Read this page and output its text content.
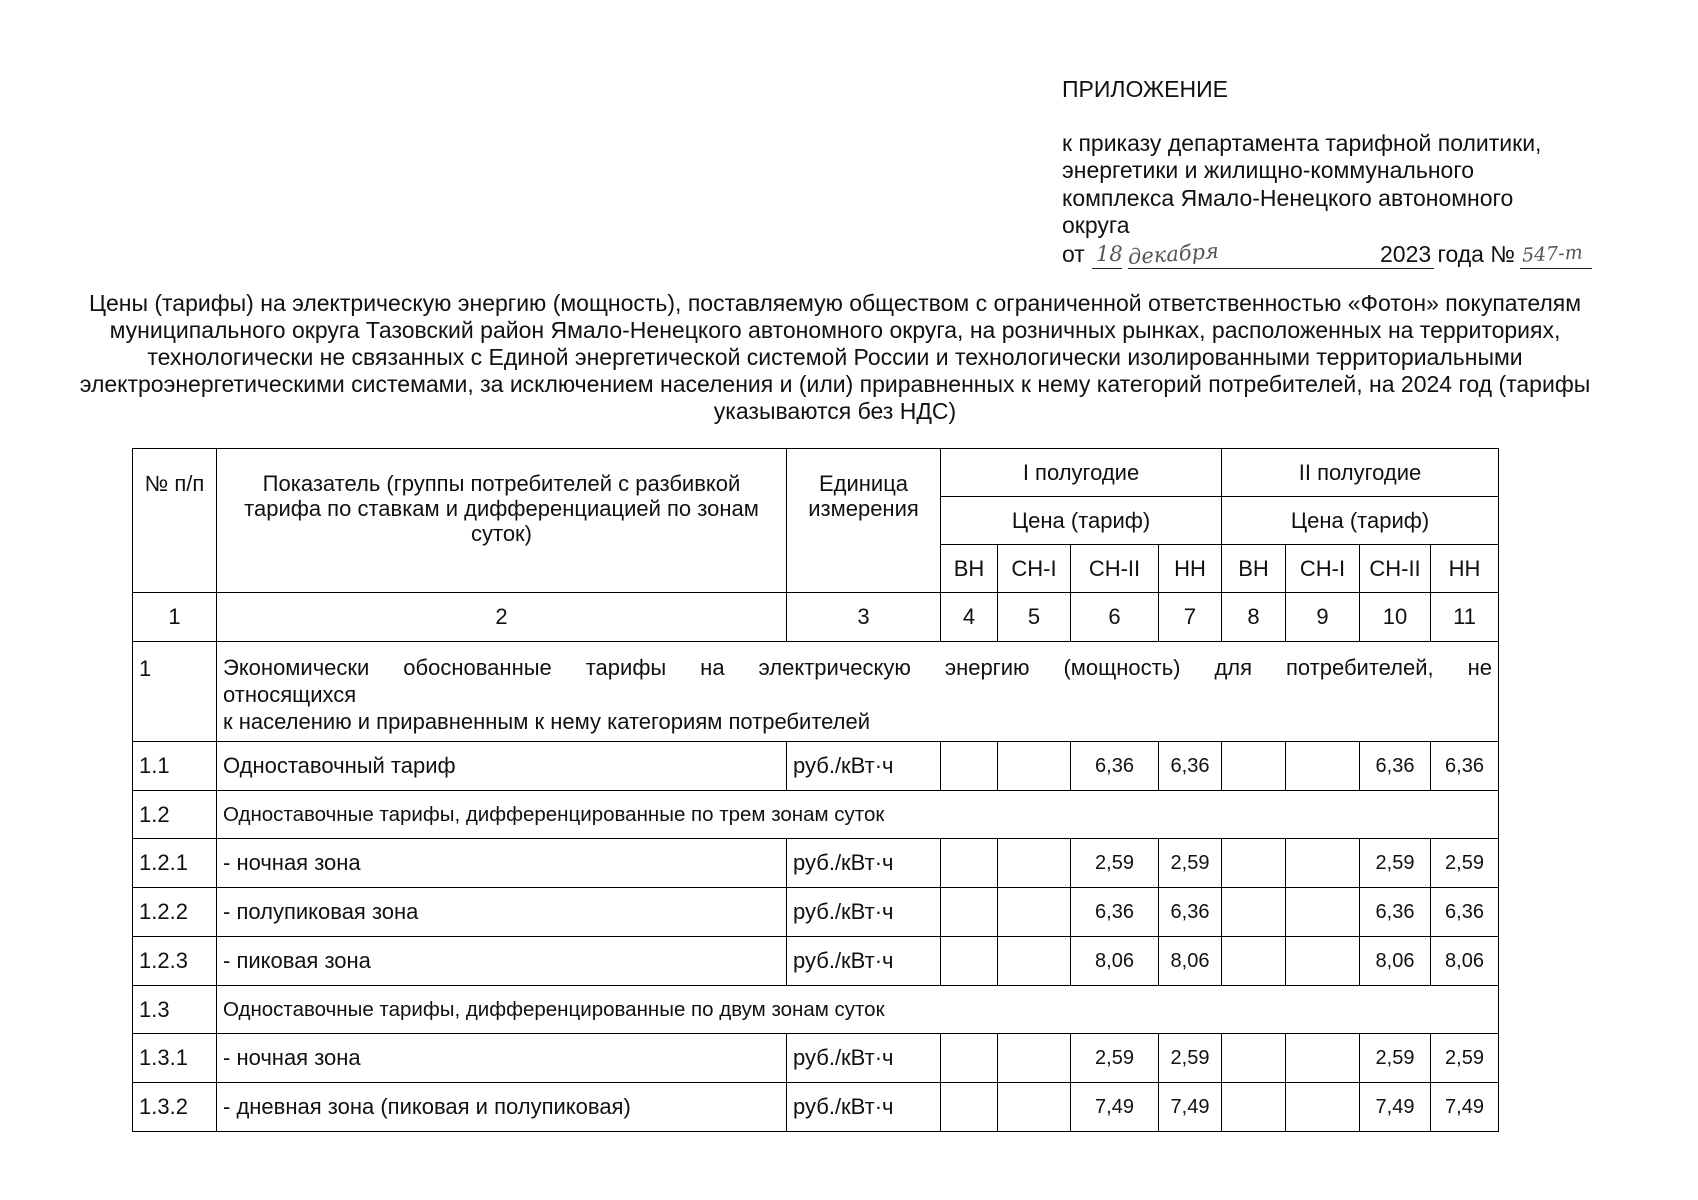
ПРИЛОЖЕНИЕ
к приказу департамента тарифной политики,
энергетики и жилищно-коммунального
комплекса Ямало-Ненецкого автономного
округа
от 18 декабря	2023 года № 547-т
Цены (тарифы) на электрическую энергию (мощность), поставляемую обществом с ограниченной ответственностью «Фотон» покупателям муниципального округа Тазовский район Ямало-Ненецкого автономного округа, на розничных рынках, расположенных на территориях, технологически не связанных с Единой энергетической системой России и технологически изолированными территориальными электроэнергетическими системами, за исключением населения и (или) приравненных к нему категорий потребителей, на 2024 год (тарифы указываются без НДС)
№ п/п	Показатель (группы потребителей с разбивкой тарифа по ставкам и дифференциацией по зонам суток)	Единица измерения	I полугодие				II полугодие			
			Цена (тариф)				Цена (тариф)			
			ВН	СН-I	СН-II	НН	ВН	СН-I	СН-II	НН
1	2	3	4	5	6	7	8	9	10	11
1	Экономически обоснованные тарифы на электрическую энергию (мощность) для потребителей, не
относящихся
к населению и приравненным к нему категориям потребителей									

1.1	Одноставочный тариф	руб./кВт·ч			6,36	6,36			6,36	6,36
1.2	Одноставочные тарифы, дифференцированные по трем зонам суток									
1.2.1	- ночная зона	руб./кВт·ч			2,59	2,59			2,59	2,59
1.2.2	- полупиковая зона	руб./кВт·ч			6,36	6,36			6,36	6,36
1.2.3	- пиковая зона	руб./кВт·ч			8,06	8,06			8,06	8,06
1.3	Одноставочные тарифы, дифференцированные по двум зонам суток									
1.3.1	- ночная зона	руб./кВт·ч			2,59	2,59			2,59	2,59
1.3.2	- дневная зона (пиковая и полупиковая)	руб./кВт·ч			7,49	7,49			7,49	7,49
